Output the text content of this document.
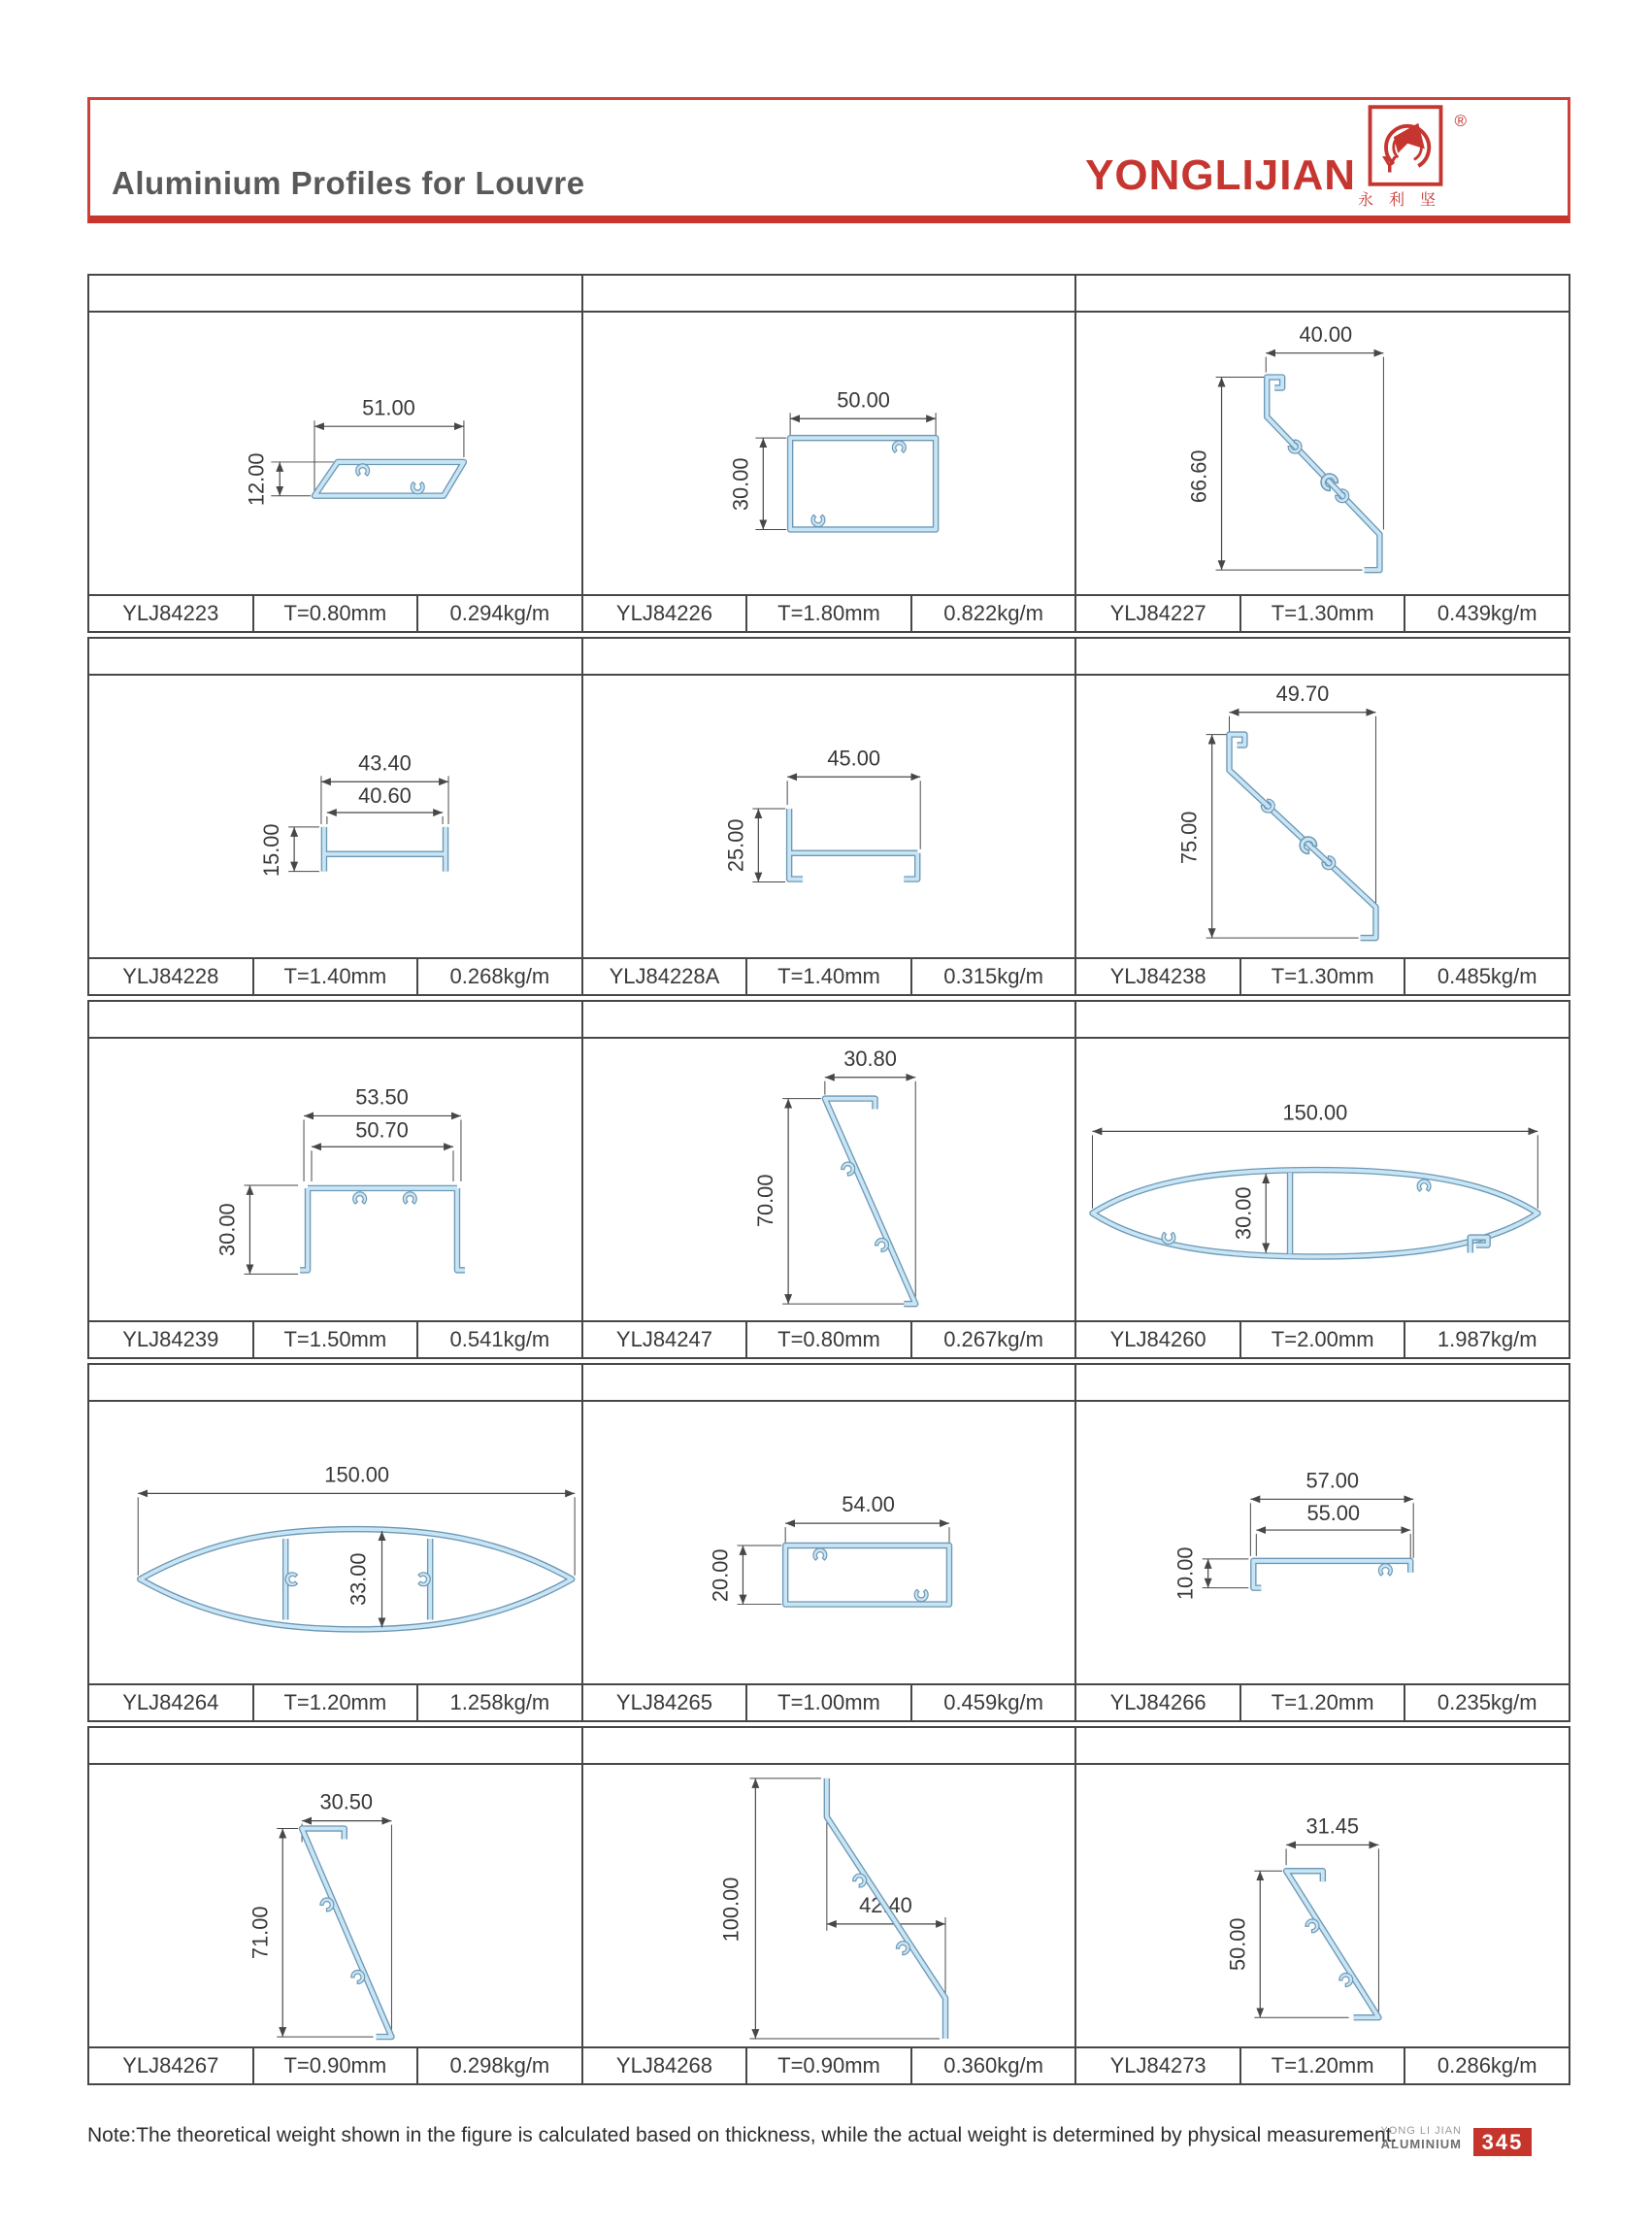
Aluminium Profiles for Louvre	YONGLIJIAN Y
永利坚
®
51.00
12.00
YLJ84223	T=0.80mm	0.294kg/m
50.00
30.00
YLJ84226	T=1.80mm	0.822kg/m
40.00
66.60
YLJ84227	T=1.30mm	0.439kg/m
43.40
40.60
15.00
YLJ84228	T=1.40mm	0.268kg/m
45.00
25.00
YLJ84228A	T=1.40mm	0.315kg/m
49.70
75.00
YLJ84238	T=1.30mm	0.485kg/m
53.50
50.70
30.00
YLJ84239	T=1.50mm	0.541kg/m
30.80
70.00
YLJ84247	T=0.80mm	0.267kg/m
150.00
30.00
YLJ84260	T=2.00mm	1.987kg/m
150.00
33.00
YLJ84264	T=1.20mm	1.258kg/m
54.00
20.00
YLJ84265	T=1.00mm	0.459kg/m
57.00
55.00
10.00
YLJ84266	T=1.20mm	0.235kg/m
30.50
71.00
YLJ84267	T=0.90mm	0.298kg/m
100.00	42.40
YLJ84268	T=0.90mm	0.360kg/m
31.45
50.00
YLJ84273	T=1.20mm	0.286kg/m
Note:The theoretical weight shown in the figure is calculated based on thickness, while the actual weight is determined by physical measurement.
YONG LI JIAN
ALUMINIUM 345
